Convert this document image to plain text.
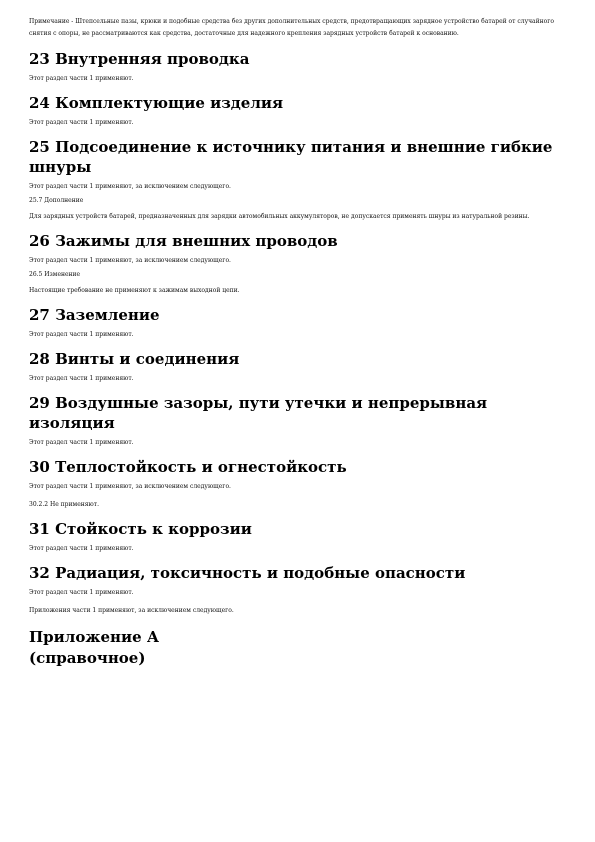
Примечание - Штепсельные пазы, крюки и подобные средства без других дополнительных средств, предотвращающих зарядное устройство батарей от случайного снятия с опоры, не рассматриваются как средства, достаточные для надежного крепления зарядных устройств батарей к основанию.

23 Внутренняя проводка

Этот раздел части 1 применяют.

24 Комплектующие изделия

Этот раздел части 1 применяют.

25 Подсоединение к источнику питания и внешние гибкие шнуры

Этот раздел части 1 применяют, за исключением следующего.

25.7 Дополнение

Для зарядных устройств батарей, предназначенных для зарядки автомобильных аккумуляторов, не допускается применять шнуры из натуральной резины.

26 Зажимы для внешних проводов

Этот раздел части 1 применяют, за исключением следующего.

26.5 Изменение

Настоящие требование не применяют к зажимам выходной цепи.

27 Заземление

Этот раздел части 1 применяют.

28 Винты и соединения

Этот раздел части 1 применяют.

29 Воздушные зазоры, пути утечки и непрерывная изоляция

Этот раздел части 1 применяют.

30 Теплостойкость и огнестойкость

Этот раздел части 1 применяют, за исключением следующего.

30.2.2 Не применяют.

31 Стойкость к коррозии

Этот раздел части 1 применяют.

32 Радиация, токсичность и подобные опасности

Этот раздел части 1 применяют.

Приложения части 1 применяют, за исключением следующего.

Приложение А
(справочное)
